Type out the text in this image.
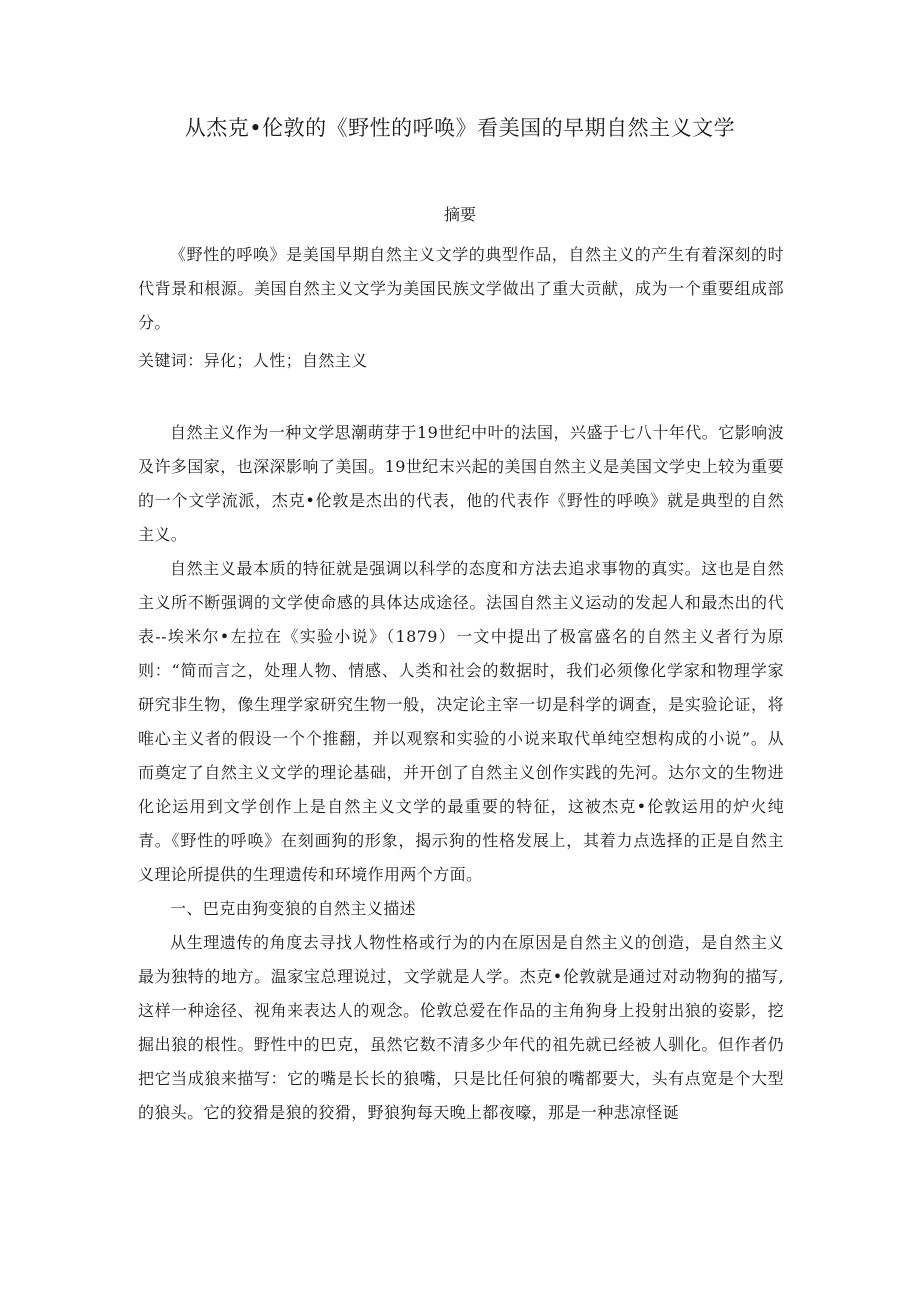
从杰克•伦敦的《野性的呼唤》看美国的早期自然主义文学
摘要

《野性的呼唤》是美国早期自然主义文学的典型作品，自然主义的产生有着深刻的时代背景和根源。美国自然主义文学为美国民族文学做出了重大贡献，成为一个重要组成部分。

关键词：异化；人性；自然主义

自然主义作为一种文学思潮萌芽于19世纪中叶的法国，兴盛于七八十年代。它影响波及许多国家，也深深影响了美国。19世纪末兴起的美国自然主义是美国文学史上较为重要的一个文学流派，杰克•伦敦是杰出的代表，他的代表作《野性的呼唤》就是典型的自然主义。

自然主义最本质的特征就是强调以科学的态度和方法去追求事物的真实。这也是自然主义所不断强调的文学使命感的具体达成途径。法国自然主义运动的发起人和最杰出的代表--埃米尔•左拉在《实验小说》（1879）一文中提出了极富盛名的自然主义者行为原则：“简而言之，处理人物、情感、人类和社会的数据时，我们必须像化学家和物理学家研究非生物，像生理学家研究生物一般，决定论主宰一切是科学的调查，是实验论证，将唯心主义者的假设一个个推翻，并以观察和实验的小说来取代单纯空想构成的小说”。从而奠定了自然主义文学的理论基础，并开创了自然主义创作实践的先河。达尔文的生物进化论运用到文学创作上是自然主义文学的最重要的特征，这被杰克•伦敦运用的炉火纯青。《野性的呼唤》在刻画狗的形象，揭示狗的性格发展上，其着力点选择的正是自然主义理论所提供的生理遗传和环境作用两个方面。

一、巴克由狗变狼的自然主义描述

从生理遗传的角度去寻找人物性格或行为的内在原因是自然主义的创造，是自然主义最为独特的地方。温家宝总理说过，文学就是人学。杰克•伦敦就是通过对动物狗的描写,这样一种途径、视角来表达人的观念。伦敦总爱在作品的主角狗身上投射出狼的姿影，挖掘出狼的根性。野性中的巴克，虽然它数不清多少年代的祖先就已经被人驯化。但作者仍把它当成狼来描写：它的嘴是长长的狼嘴，只是比任何狼的嘴都要大，头有点宽是个大型的狼头。它的狡猾是狼的狡猾，野狼狗每天晚上都夜嚎，那是一种悲凉怪诞
